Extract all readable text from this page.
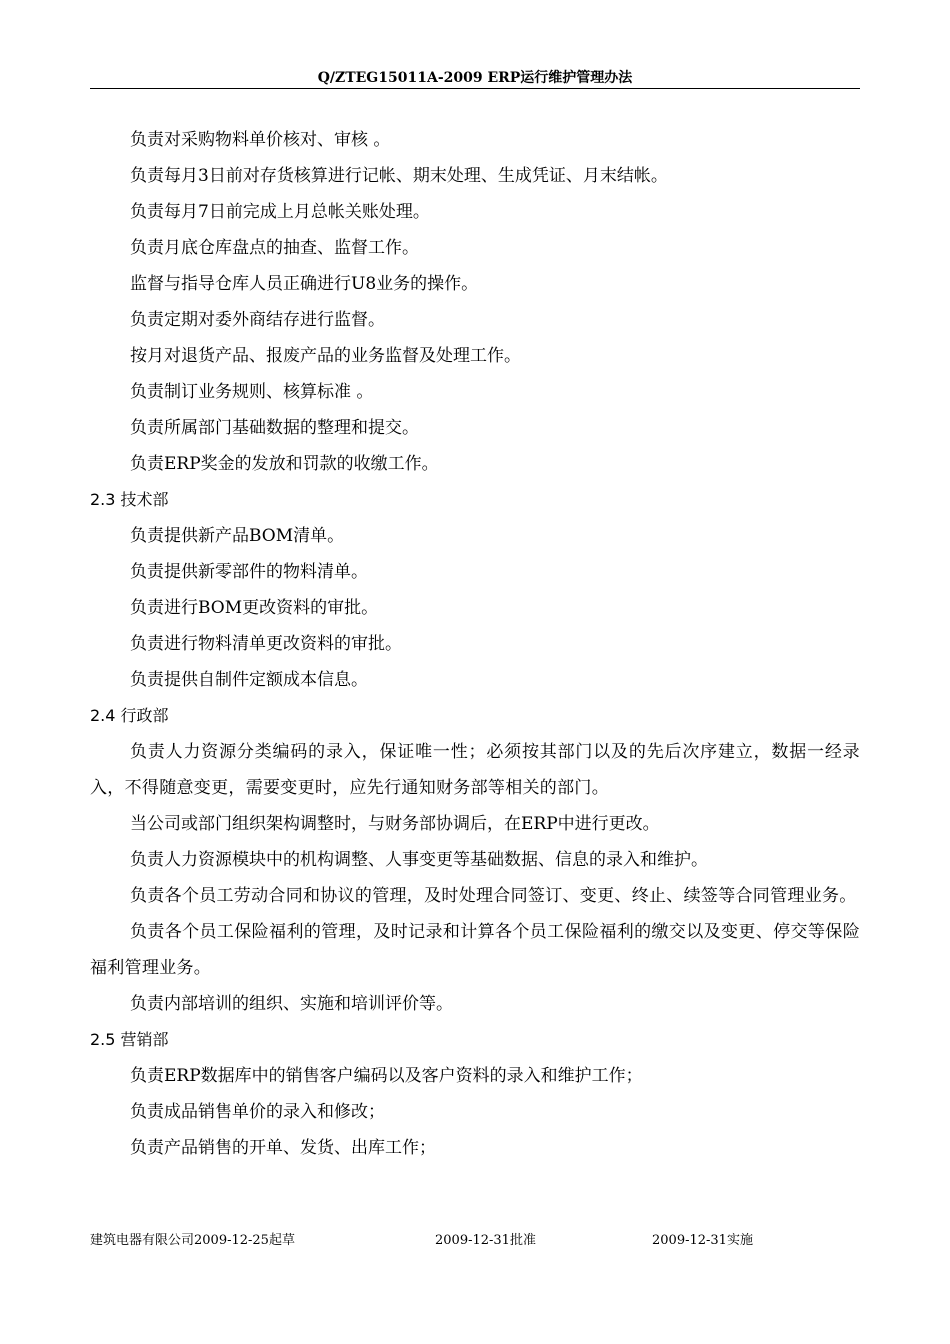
Q/ZTEG15011A-2009 ERP运行维护管理办法
负责对采购物料单价核对、审核 。
负责每月3日前对存货核算进行记帐、期末处理、生成凭证、月末结帐。
负责每月7日前完成上月总帐关账处理。
负责月底仓库盘点的抽查、监督工作。
监督与指导仓库人员正确进行U8业务的操作。
负责定期对委外商结存进行监督。
按月对退货产品、报废产品的业务监督及处理工作。
负责制订业务规则、核算标准 。
负责所属部门基础数据的整理和提交。
负责ERP奖金的发放和罚款的收缴工作。
2.3 技术部
负责提供新产品BOM清单。
负责提供新零部件的物料清单。
负责进行BOM更改资料的审批。
负责进行物料清单更改资料的审批。
负责提供自制件定额成本信息。
2.4 行政部
负责人力资源分类编码的录入，保证唯一性；必须按其部门以及的先后次序建立，数据一经录入，不得随意变更，需要变更时，应先行通知财务部等相关的部门。
当公司或部门组织架构调整时，与财务部协调后，在ERP中进行更改。
负责人力资源模块中的机构调整、人事变更等基础数据、信息的录入和维护。
负责各个员工劳动合同和协议的管理，及时处理合同签订、变更、终止、续签等合同管理业务。
负责各个员工保险福利的管理，及时记录和计算各个员工保险福利的缴交以及变更、停交等保险福利管理业务。
负责内部培训的组织、实施和培训评价等。
2.5 营销部
负责ERP数据库中的销售客户编码以及客户资料的录入和维护工作；
负责成品销售单价的录入和修改；
负责产品销售的开单、发货、出库工作；
建筑电器有限公司2009-12-25起草	2009-12-31批准	2009-12-31实施
